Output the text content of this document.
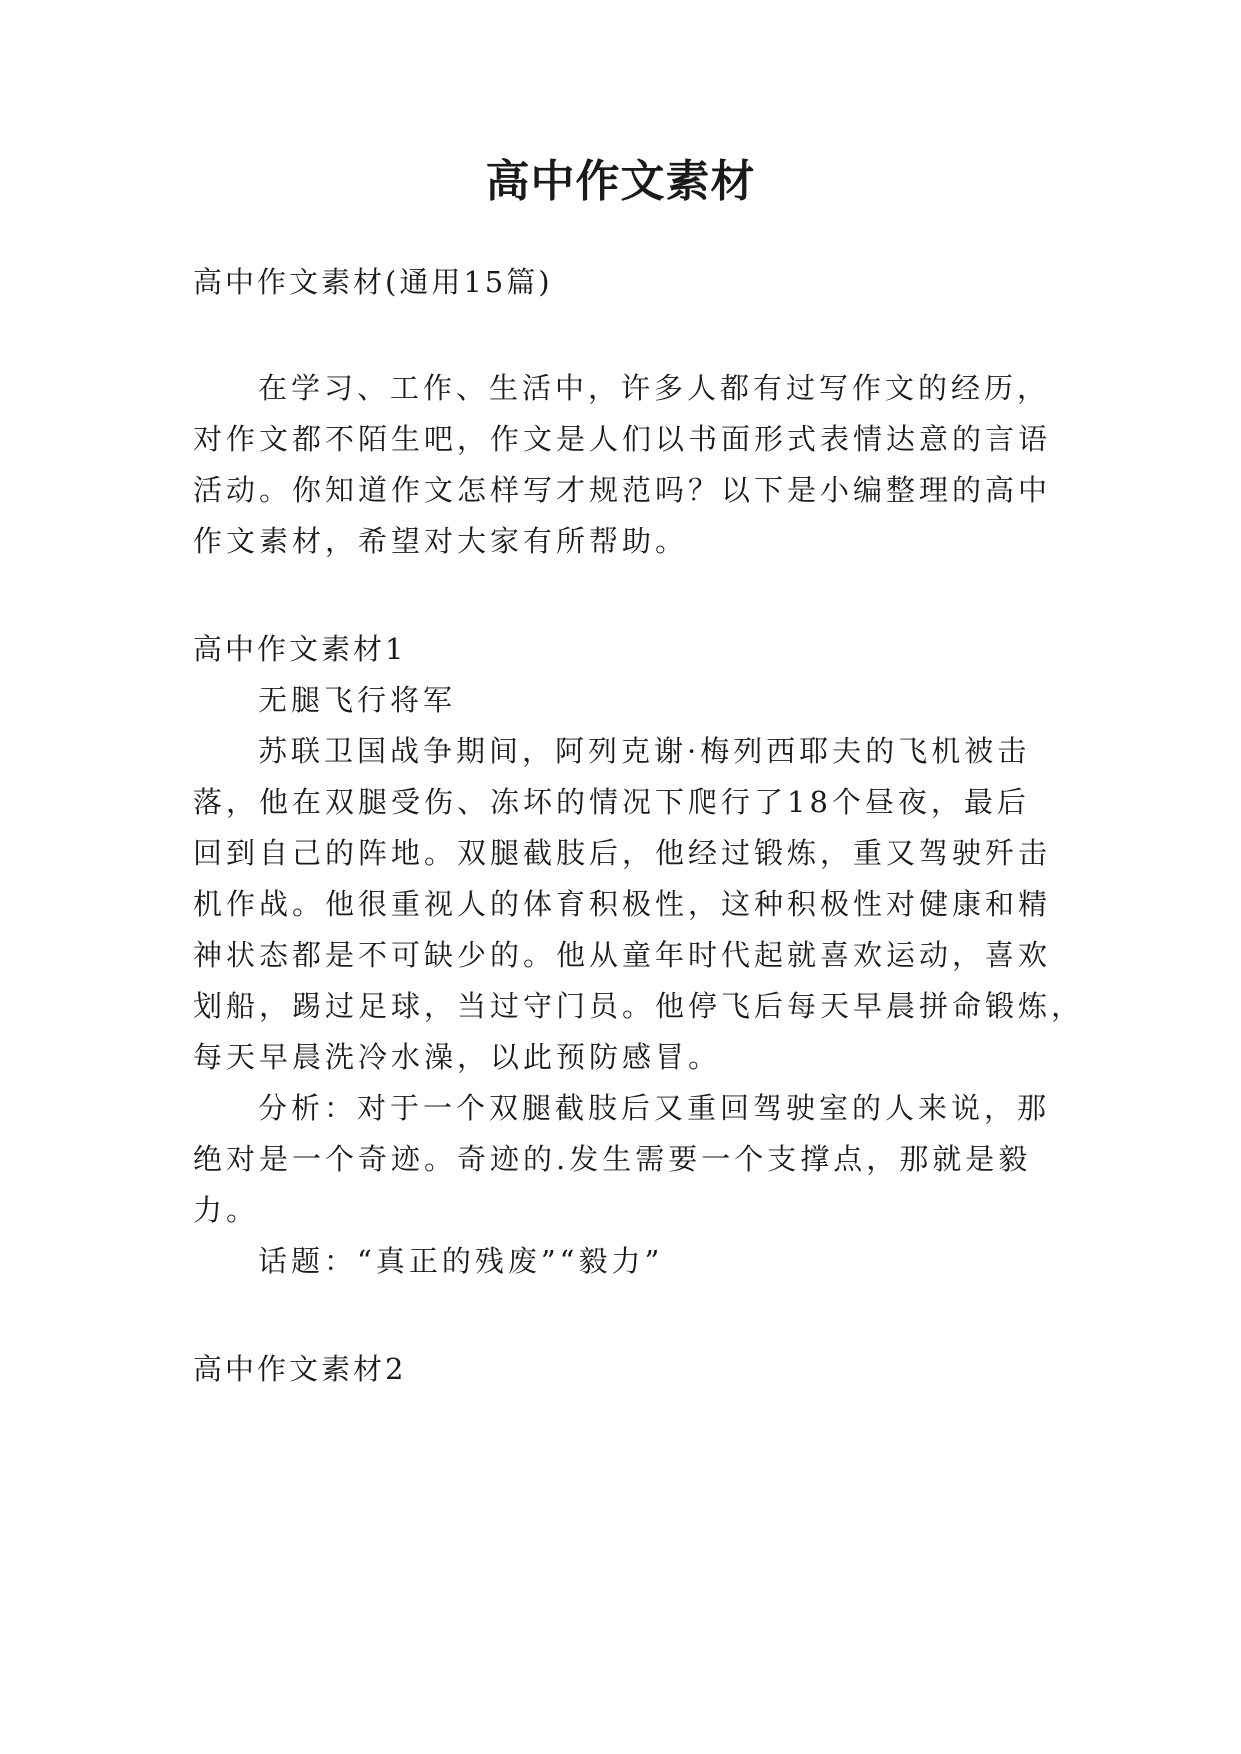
高中作文素材
高中作文素材(通用15篇)
在学习、工作、生活中，许多人都有过写作文的经历，
对作文都不陌生吧，作文是人们以书面形式表情达意的言语
活动。你知道作文怎样写才规范吗？以下是小编整理的高中
作文素材，希望对大家有所帮助。
高中作文素材1
无腿飞行将军
苏联卫国战争期间，阿列克谢·梅列西耶夫的飞机被击
落，他在双腿受伤、冻坏的情况下爬行了18个昼夜，最后
回到自己的阵地。双腿截肢后，他经过锻炼，重又驾驶歼击
机作战。他很重视人的体育积极性，这种积极性对健康和精
神状态都是不可缺少的。他从童年时代起就喜欢运动，喜欢
划船，踢过足球，当过守门员。他停飞后每天早晨拼命锻炼，
每天早晨洗冷水澡，以此预防感冒。
分析：对于一个双腿截肢后又重回驾驶室的人来说，那
绝对是一个奇迹。奇迹的.发生需要一个支撑点，那就是毅
力。
话题：“真正的残废”“毅力”
高中作文素材2
